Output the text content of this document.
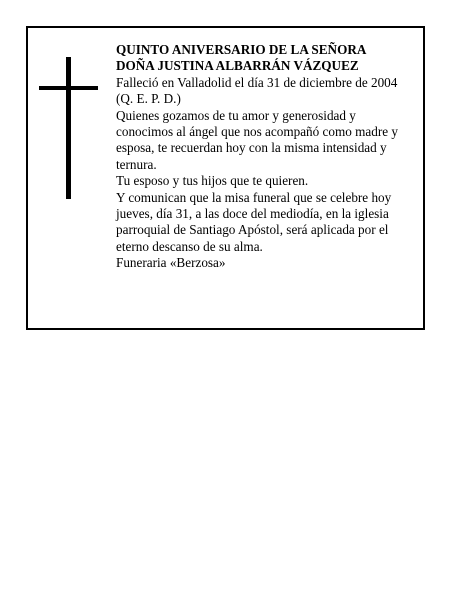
QUINTO ANIVERSARIO DE LA SEÑORA

DOÑA JUSTINA ALBARRÁN VÁZQUEZ

Falleció en Valladolid el día 31 de diciembre de 2004

(Q. E. P. D.)

Quienes gozamos de tu amor y generosidad y conocimos al ángel que nos acompañó como madre y esposa, te recuerdan hoy con la misma intensidad y ternura.

Tu esposo y tus hijos que te quieren.

Y comunican que la misa funeral que se celebre hoy jueves, día 31, a las doce del mediodía, en la iglesia parroquial de Santiago Apóstol, será aplicada por el eterno descanso de su alma.

Funeraria «Berzosa»
